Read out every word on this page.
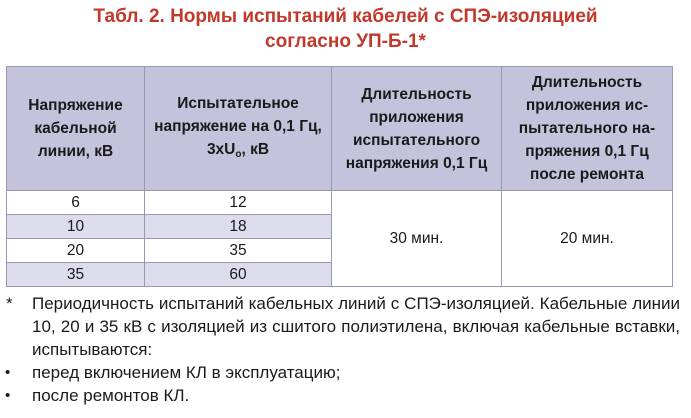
Табл. 2. Нормы испытаний кабелей с СПЭ-изоляцией
согласно УП-Б-1*
Напряжение кабельной линии, кВ	Испытательное напряжение на 0,1 Гц, $3xU_о$, кВ	Длительность приложения испытательного напряжения 0,1 Гц	Длительность приложения испытательного напряжения 0,1 Гц после ремонта
6	12	30 мин.	20 мин.
10	18		
20	35		
35	60		
* Периодичность испытаний кабельных линий с СПЭ-изоляцией. Кабельные линии 10, 20 и 35 кВ с изоляцией из сшитого полиэтилена, включая кабельные вставки, испытываются:
• перед включением КЛ в эксплуатацию;
• после ремонтов КЛ.
